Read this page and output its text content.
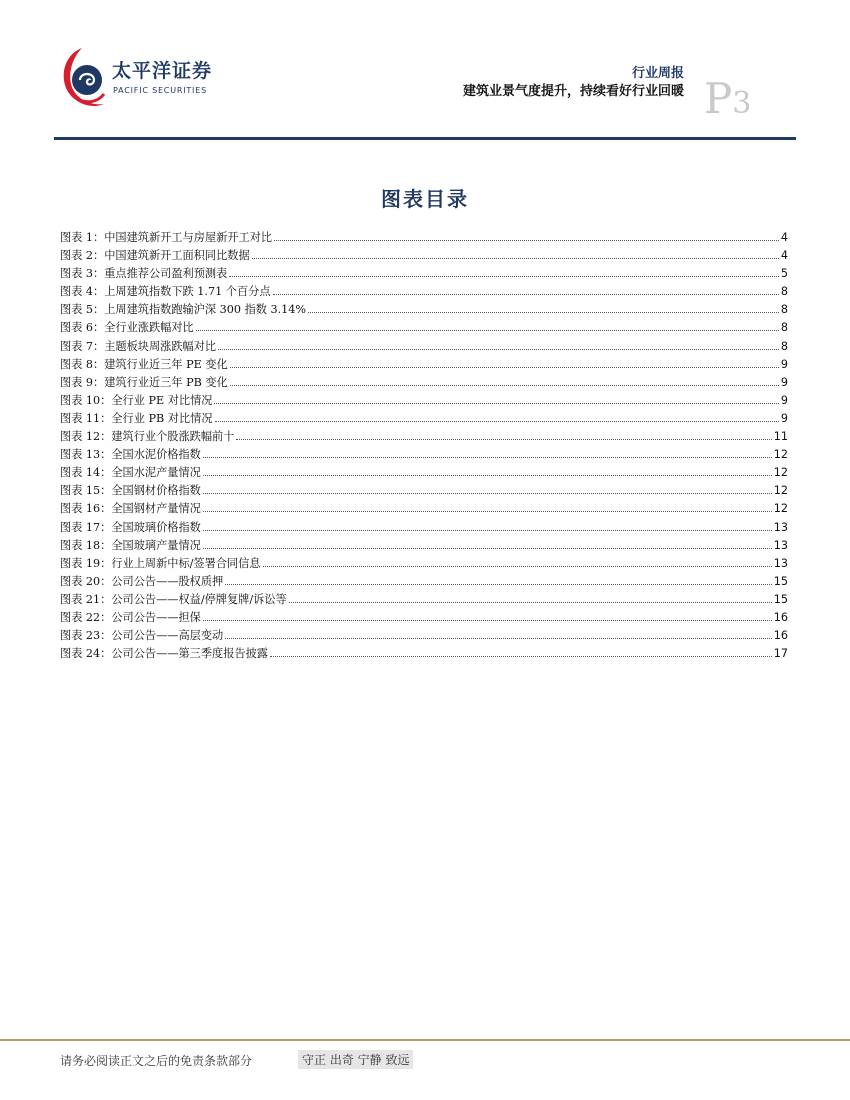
太平洋证券
PACIFIC SECURITIES
行业周报
建筑业景气度提升，持续看好行业回暖 P3
图表目录
图表 1：中国建筑新开工与房屋新开工对比	4
图表 2：中国建筑新开工面积同比数据	4
图表 3：重点推荐公司盈利预测表	5
图表 4：上周建筑指数下跌 1.71 个百分点	8
图表 5：上周建筑指数跑输沪深 300 指数 3.14%	8
图表 6：全行业涨跌幅对比	8
图表 7：主题板块周涨跌幅对比	8
图表 8：建筑行业近三年 PE 变化	9
图表 9：建筑行业近三年 PB 变化	9
图表 10：全行业 PE 对比情况	9
图表 11：全行业 PB 对比情况	9
图表 12：建筑行业个股涨跌幅前十	11
图表 13：全国水泥价格指数	12
图表 14：全国水泥产量情况	12
图表 15：全国钢材价格指数	12
图表 16：全国钢材产量情况	12
图表 17：全国玻璃价格指数	13
图表 18：全国玻璃产量情况	13
图表 19：行业上周新中标/签署合同信息	13
图表 20：公司公告——股权质押	15
图表 21：公司公告——权益/停牌复牌/诉讼等	15
图表 22：公司公告——担保	16
图表 23：公司公告——高层变动	16
图表 24：公司公告——第三季度报告披露	17
请务必阅读正文之后的免责条款部分	守正 出奇 宁静 致远
